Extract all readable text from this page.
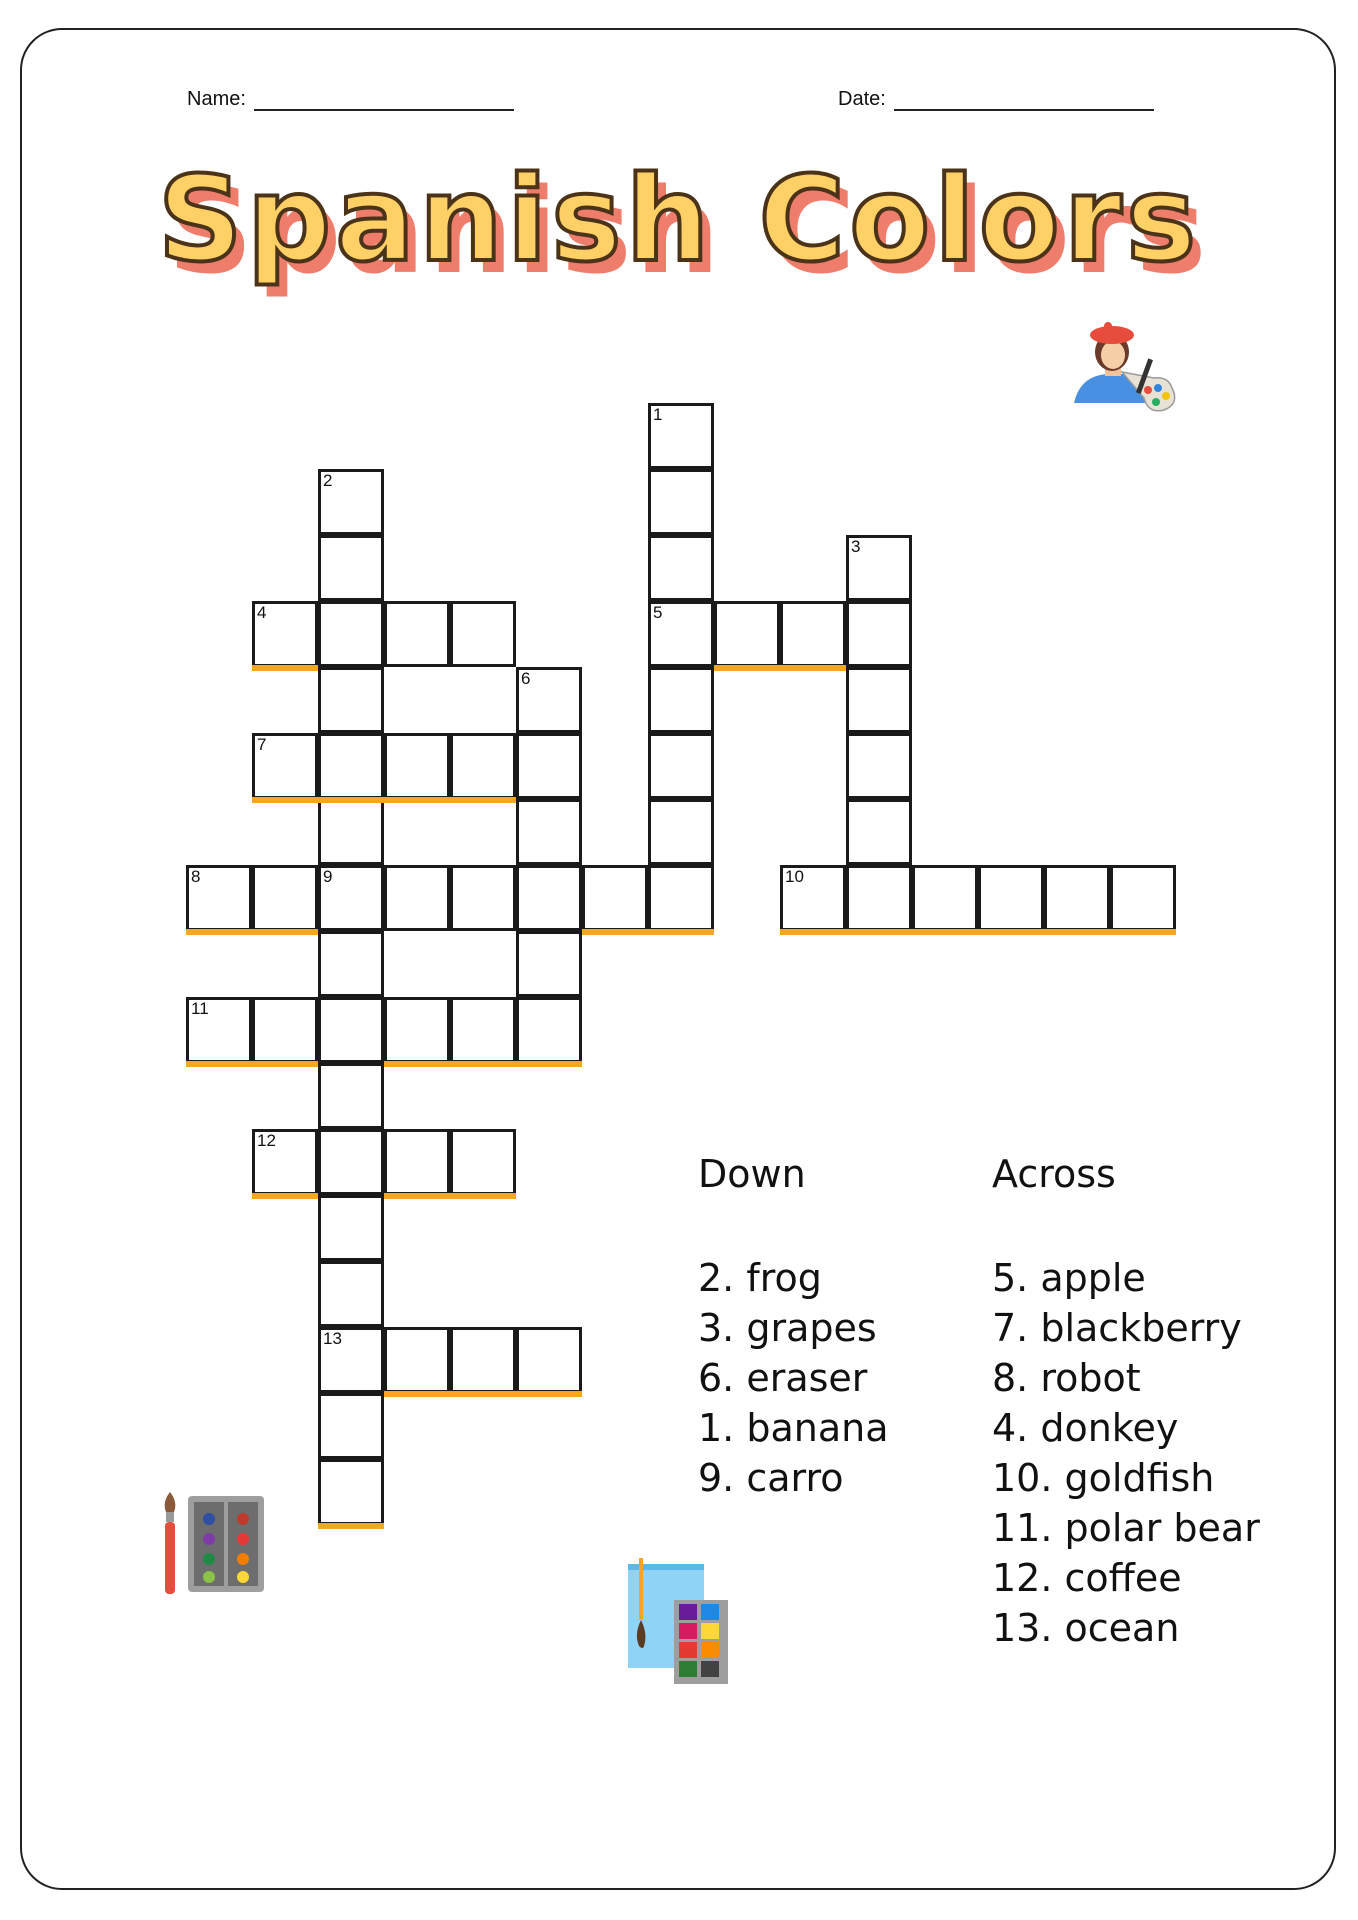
Name:	Date:
Spanish Colors
1
5
2
9
13
3
6
4
7
8	10
11
12
Down	Across
2. frog
3. grapes
6. eraser
1. banana
9. carro
5. apple
7. blackberry
8. robot
4. donkey
10. goldfish
11. polar bear
12. coffee
13. ocean
